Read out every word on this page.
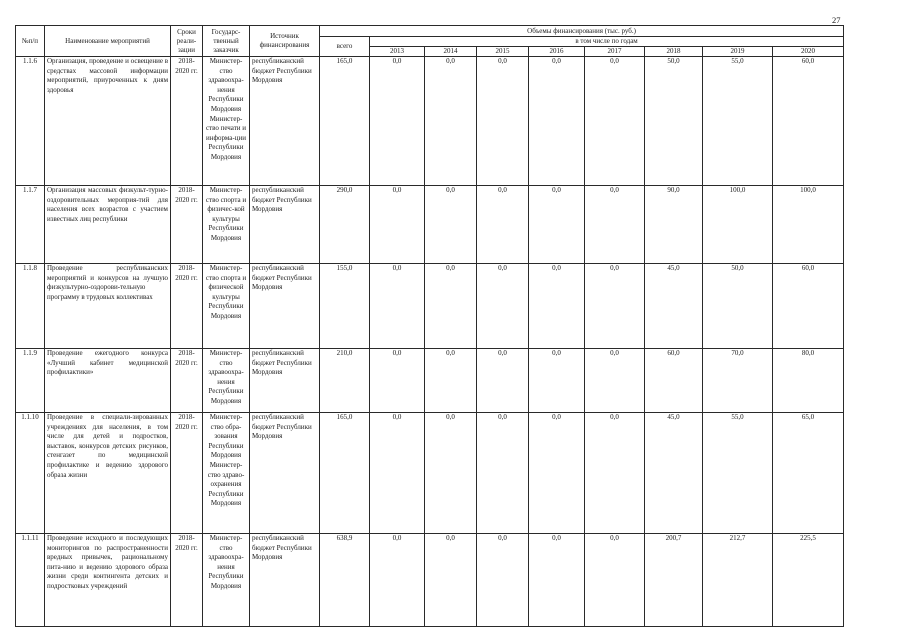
27
№п/п	Наименование мероприятий	Сроки реали-зации	Государс-твенный заказчик	Источник финансирования	Объемы финансирования (тыс. руб.)								
					всего	в том числе по годам							
						2013	2014	2015	2016	2017	2018	2019	2020
1.1.6	Организация, проведение и освещение в средствах массовой информации мероприятий, приуроченных к дням здоровья	2018-2020 гг.	Министер-ство здравоохра-нения Республики Мордовия Министер-ство печати и информа-ции Республики Мордовия	республиканский бюджет Республики Мордовия	165,0	0,0	0,0	0,0	0,0	0,0	50,0	55,0	60,0
1.1.7	Организация массовых физкульт-турно-оздоровительных мероприя-тий для населения всех возрастов с участием известных лиц республики	2018-2020 гг.	Министер-ство спорта и физичес-кой культуры Республики Мордовия	республиканский бюджет Республики Мордовия	290,0	0,0	0,0	0,0	0,0	0,0	90,0	100,0	100,0
1.1.8	Проведение республиканских мероприятий и конкурсов на лучшую физкультурно-оздорови-тельную программу в трудовых коллективах	2018-2020 гг.	Министер-ство спорта и физической культуры Республики Мордовия	республиканский бюджет Республики Мордовия	155,0	0,0	0,0	0,0	0,0	0,0	45,0	50,0	60,0
1.1.9	Проведение ежегодного конкурса «Лучший кабинет медицинской профилактики»	2018-2020 гг.	Министер-ство здравоохра-нения Республики Мордовия	республиканский бюджет Республики Мордовия	210,0	0,0	0,0	0,0	0,0	0,0	60,0	70,0	80,0
1.1.10	Проведение в специали-зированных учреждениях для населения, в том числе для детей и подростков, выставок, конкурсов детских рисунков, стенгазет по медицинской профилактике и ведению здорового образа жизни	2018-2020 гг.	Министер-ство обра-зования Республики Мордовия Министер-ство здраво-охранения Республики Мордовия	республиканский бюджет Республики Мордовия	165,0	0,0	0,0	0,0	0,0	0,0	45,0	55,0	65,0
1.1.11	Проведение исходного и последующих мониторингов по распространенности вредных привычек, рациональному пита-нию и ведению здорового образа жизни среди контингента детских и подростковых учреждений	2018-2020 гг.	Министер-ство здравоохра-нения Республики Мордовия	республиканский бюджет Республики Мордовия	638,9	0,0	0,0	0,0	0,0	0,0	200,7	212,7	225,5
